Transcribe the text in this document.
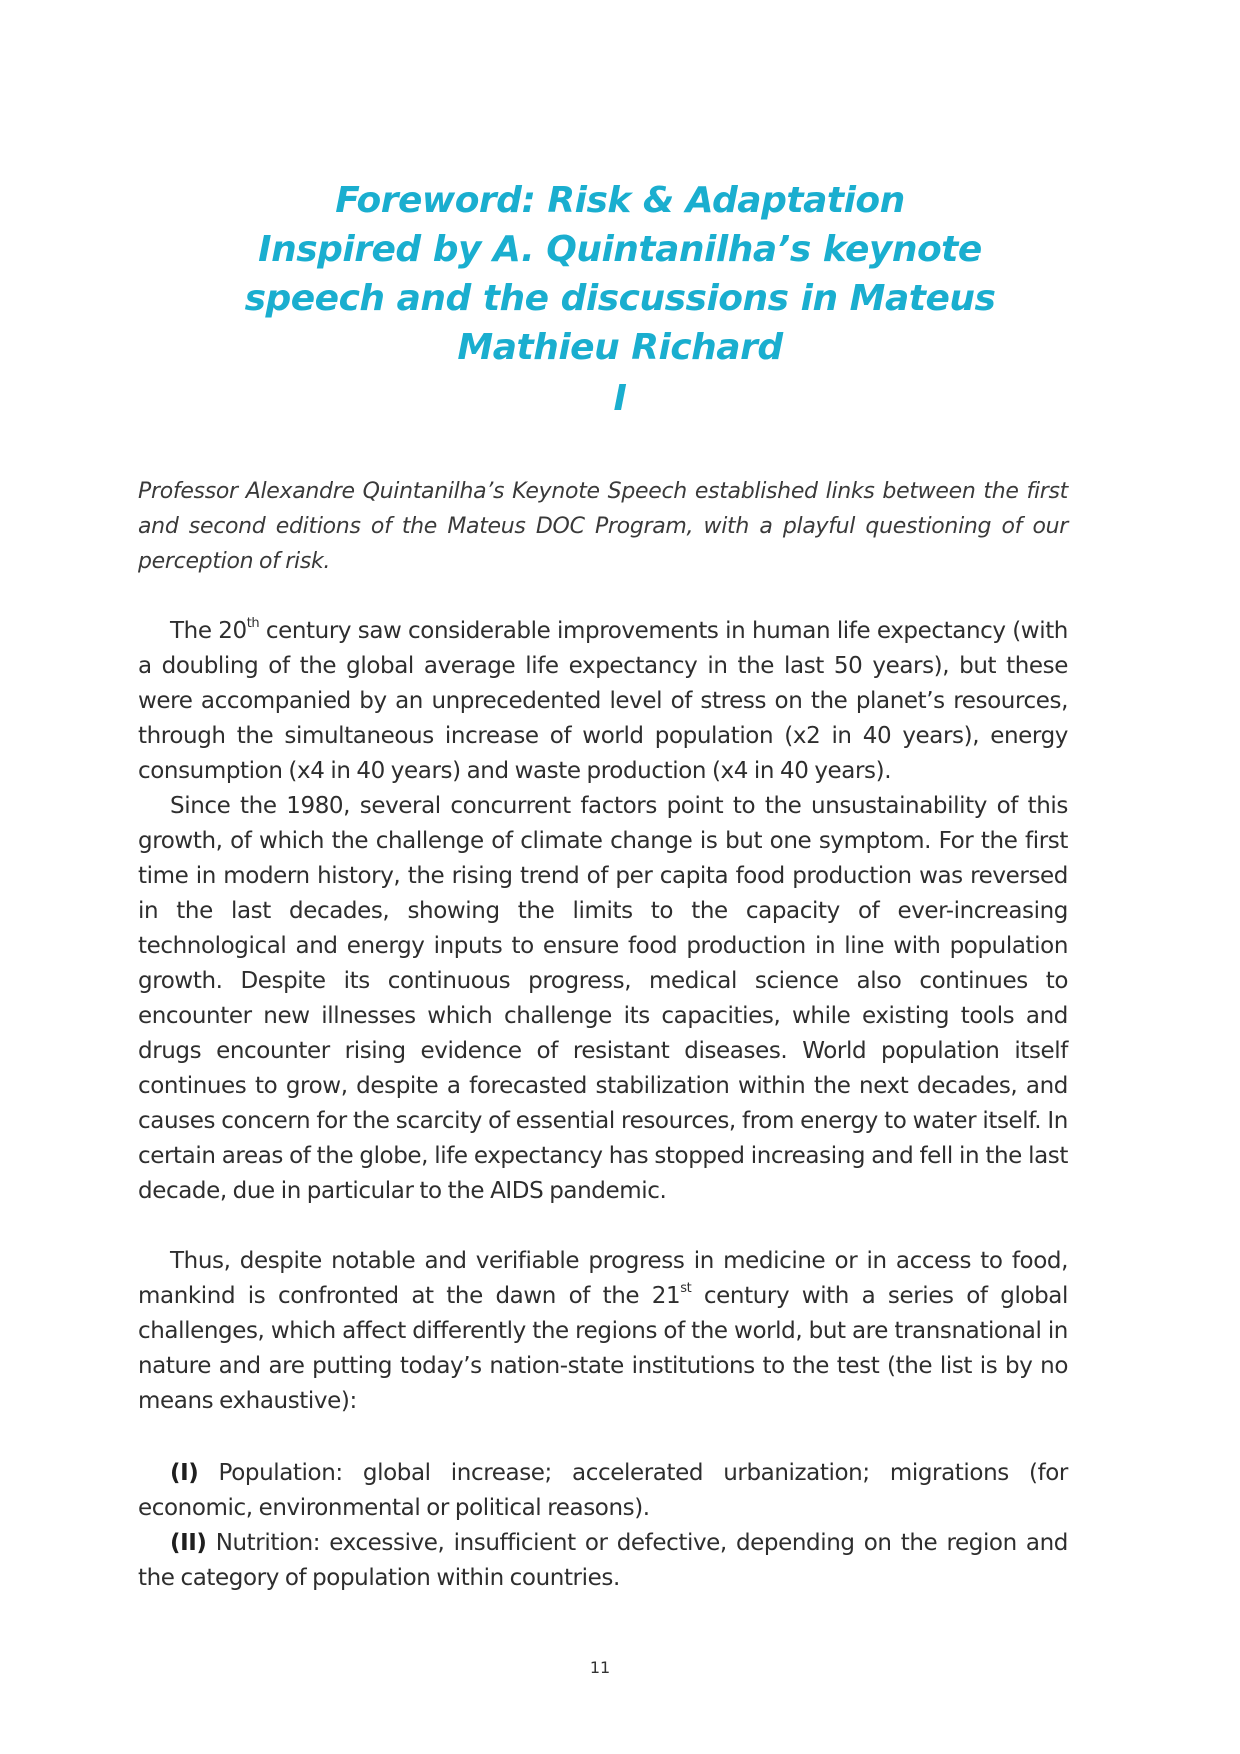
Foreword: Risk & Adaptation
Inspired by A. Quintanilha’s keynote
speech and the discussions in Mateus
Mathieu Richard
I

Professor Alexandre Quintanilha’s Keynote Speech established links between the first and second editions of the Mateus DOC Program, with a playful questioning of our perception of risk.

The 20th century saw considerable improvements in human life expectancy (with a doubling of the global average life expectancy in the last 50 years), but these were accompanied by an unprecedented level of stress on the planet’s resources, through the simultaneous increase of world population (x2 in 40 years), energy consumption (x4 in 40 years) and waste production (x4 in 40 years).

Since the 1980, several concurrent factors point to the unsustainability of this growth, of which the challenge of climate change is but one symptom. For the first time in modern history, the rising trend of per capita food production was reversed in the last decades, showing the limits to the capacity of ever-increasing technological and energy inputs to ensure food production in line with population growth. Despite its continuous progress, medical science also continues to encounter new illnesses which challenge its capacities, while existing tools and drugs encounter rising evidence of resistant diseases. World population itself continues to grow, despite a forecasted stabilization within the next decades, and causes concern for the scarcity of essential resources, from energy to water itself. In certain areas of the globe, life expectancy has stopped increasing and fell in the last decade, due in particular to the AIDS pandemic.

Thus, despite notable and verifiable progress in medicine or in access to food, mankind is confronted at the dawn of the 21st century with a series of global challenges, which affect differently the regions of the world, but are transnational in nature and are putting today’s nation-state institutions to the test (the list is by no means exhaustive):

(I) Population: global increase; accelerated urbanization; migrations (for economic, environmental or political reasons).

(II) Nutrition: excessive, insufficient or defective, depending on the region and the category of population within countries.

11
